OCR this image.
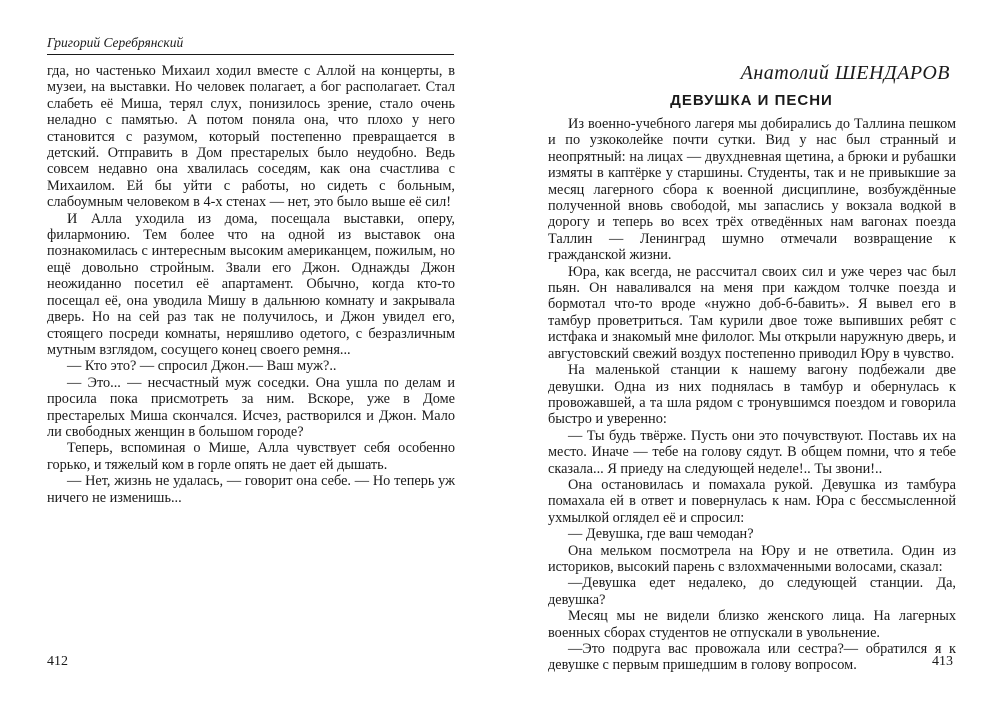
Григорий Серебрянский

гда, но частенько Михаил ходил вместе с Аллой на концерты, в музеи, на выставки. Но человек полагает, а бог располагает. Стал слабеть её Миша, терял слух, понизилось зрение, стало очень неладно с памятью. А потом поняла она, что плохо у него становится с разумом, который постепенно превращается в детский. Отправить в Дом престарелых было неудобно. Ведь совсем недавно она хвалилась соседям, как она счастлива с Михаилом. Ей бы уйти с работы, но сидеть с больным, слабоумным человеком в 4-х стенах — нет, это было выше её сил!

И Алла уходила из дома, посещала выставки, оперу, филармонию. Тем более что на одной из выставок она познакомилась с интересным высоким американцем, пожилым, но ещё довольно стройным. Звали его Джон. Однажды Джон неожиданно посетил её апартамент. Обычно, когда кто-то посещал её, она уводила Мишу в дальнюю комнату и закрывала дверь. Но на сей раз так не получилось, и Джон увидел его, стоящего посреди комнаты, неряшливо одетого, с безразличным мутным взглядом, сосущего конец своего ремня...

— Кто это? — спросил Джон.— Ваш муж?..

— Это... — несчастный муж соседки. Она ушла по делам и просила пока присмотреть за ним. Вскоре, уже в Доме престарелых Миша скончался. Исчез, растворился и Джон. Мало ли свободных женщин в большом городе?

Теперь, вспоминая о Мише, Алла чувствует себя особенно горько, и тяжелый ком в горле опять не дает ей дышать.

— Нет, жизнь не удалась, — говорит она себе. — Но теперь уж ничего не изменишь...

412
Анатолий ШЕНДАРОВ
ДЕВУШКА И ПЕСНИ

Из военно-учебного лагеря мы добирались до Таллина пешком и по узкоколейке почти сутки. Вид у нас был странный и неопрятный: на лицах — двухдневная щетина, а брюки и рубашки измяты в каптёрке у старшины. Студенты, так и не привыкшие за месяц лагерного сбора к военной дисциплине, возбуждённые полученной вновь свободой, мы запаслись у вокзала водкой в дорогу и теперь во всех трёх отведённых нам вагонах поезда Таллин — Ленинград шумно отмечали возвращение к гражданской жизни.

Юра, как всегда, не рассчитал своих сил и уже через час был пьян. Он наваливался на меня при каждом толчке поезда и бормотал что-то вроде «нужно доб-б-бавить». Я вывел его в тамбур проветриться. Там курили двое тоже выпивших ребят с истфака и знакомый мне филолог. Мы открыли наружную дверь, и августовский свежий воздух постепенно приводил Юру в чувство.

На маленькой станции к нашему вагону подбежали две девушки. Одна из них поднялась в тамбур и обернулась к провожавшей, а та шла рядом с тронувшимся поездом и говорила быстро и уверенно:

— Ты будь твёрже. Пусть они это почувствуют. Поставь их на место. Иначе — тебе на голову сядут. В общем помни, что я тебе сказала... Я приеду на следующей неделе!.. Ты звони!..

Она остановилась и помахала рукой. Девушка из тамбура помахала ей в ответ и повернулась к нам. Юра с бессмысленной ухмылкой оглядел её и спросил:

— Девушка, где ваш чемодан?

Она мельком посмотрела на Юру и не ответила. Один из историков, высокий парень с взлохмаченными волосами, сказал:

—Девушка едет недалеко, до следующей станции. Да, девушка?

Месяц мы не видели близко женского лица. На лагерных военных сборах студентов не отпускали в увольнение.

—Это подруга вас провожала или сестра?— обратился я к девушке с первым пришедшим в голову вопросом.	413
